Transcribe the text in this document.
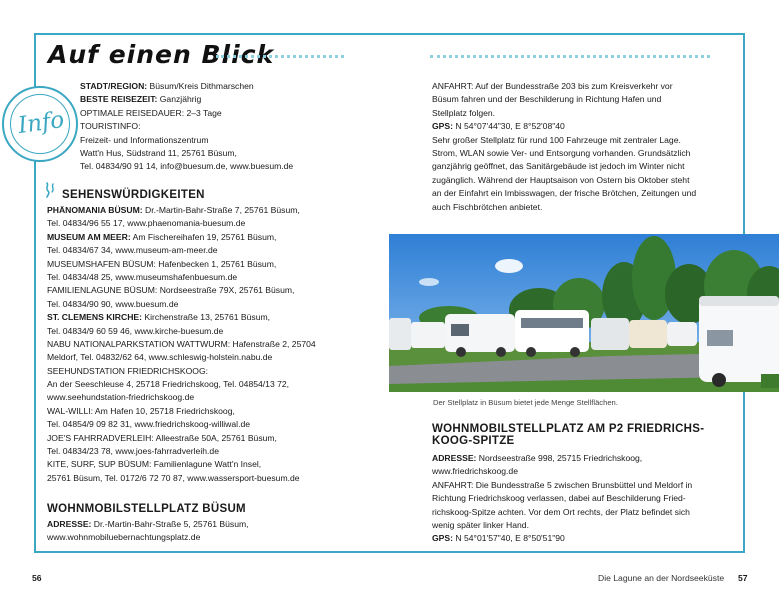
Auf einen Blick
Info
STADT/REGION: Büsum/Kreis Dithmarschen
BESTE REISEZEIT: Ganzjährig
OPTIMALE REISEDAUER: 2–3 Tage
TOURISTINFO:
Freizeit- und Informationszentrum
Watt'n Hus, Südstrand 11, 25761 Büsum,
Tel. 04834/90 91 14, info@buesum.de, www.buesum.de
SEHENSWÜRDIGKEITEN
PHÄNOMANIA BÜSUM: Dr.-Martin-Bahr-Straße 7, 25761 Büsum,
Tel. 04834/96 55 17, www.phaenomania-buesum.de
MUSEUM AM MEER: Am Fischereihafen 19, 25761 Büsum,
Tel. 04834/67 34, www.museum-am-meer.de
MUSEUMSHAFEN BÜSUM: Hafenbecken 1, 25761 Büsum,
Tel. 04834/48 25, www.museumshafenbuesum.de
FAMILIENLAGUNE BÜSUM: Nordseestraße 79X, 25761 Büsum,
Tel. 04834/90 90, www.buesum.de
ST. CLEMENS KIRCHE: Kirchenstraße 13, 25761 Büsum,
Tel. 04834/9 60 59 46, www.kirche-buesum.de
NABU NATIONALPARKSTATION WATTWURM: Hafenstraße 2, 25704
Meldorf, Tel. 04832/62 64, www.schleswig-holstein.nabu.de
SEEHUNDSTATION FRIEDRICHSKOOG:
An der Seeschleuse 4, 25718 Friedrichskoog, Tel. 04854/13 72,
www.seehundstation-friedrichskoog.de
WAL-WILLI: Am Hafen 10, 25718 Friedrichskoog,
Tel. 04854/9 09 82 31, www.friedrichskoog-williwal.de
JOE'S FAHRRADVERLEIH: Alleestraße 50A, 25761 Büsum,
Tel. 04834/23 78, www.joes-fahrradverleih.de
KITE, SURF, SUP BÜSUM: Familienlagune Watt'n Insel,
25761 Büsum, Tel. 0172/6 72 70 87, www.wassersport-buesum.de
WOHNMOBILSTELLPLATZ BÜSUM
ADRESSE: Dr.-Martin-Bahr-Straße 5, 25761 Büsum,
www.wohnmobiluebernachtungsplatz.de
ANFAHRT: Auf der Bundesstraße 203 bis zum Kreisverkehr vor
Büsum fahren und der Beschilderung in Richtung Hafen und
Stellplatz folgen.
GPS: N 54°07'44"30, E 8°52'08"40
Sehr großer Stellplatz für rund 100 Fahrzeuge mit zentraler Lage.
Strom, WLAN sowie Ver- und Entsorgung vorhanden. Grundsätzlich
ganzjährig geöffnet, das Sanitärgebäude ist jedoch im Winter nicht
zugänglich. Während der Hauptsaison von Ostern bis Oktober steht
an der Einfahrt ein Imbisswagen, der frische Brötchen, Zeitungen und
auch Fischbrötchen anbietet.
Der Stellplatz in Büsum bietet jede Menge Stellflächen.
WOHNMOBILSTELLPLATZ AM P2 FRIEDRICHS-
KOOG-SPITZE
ADRESSE: Nordseestraße 998, 25715 Friedrichskoog,
www.friedrichskoog.de
ANFAHRT: Die Bundesstraße 5 zwischen Brunsbüttel und Meldorf in
Richtung Friedrichskoog verlassen, dabei auf Beschilderung Fried-
richskoog-Spitze achten. Vor dem Ort rechts, der Platz befindet sich
wenig später linker Hand.
GPS: N 54°01'57"40, E 8°50'51"90
56	Die Lagune an der Nordseeküste 57
